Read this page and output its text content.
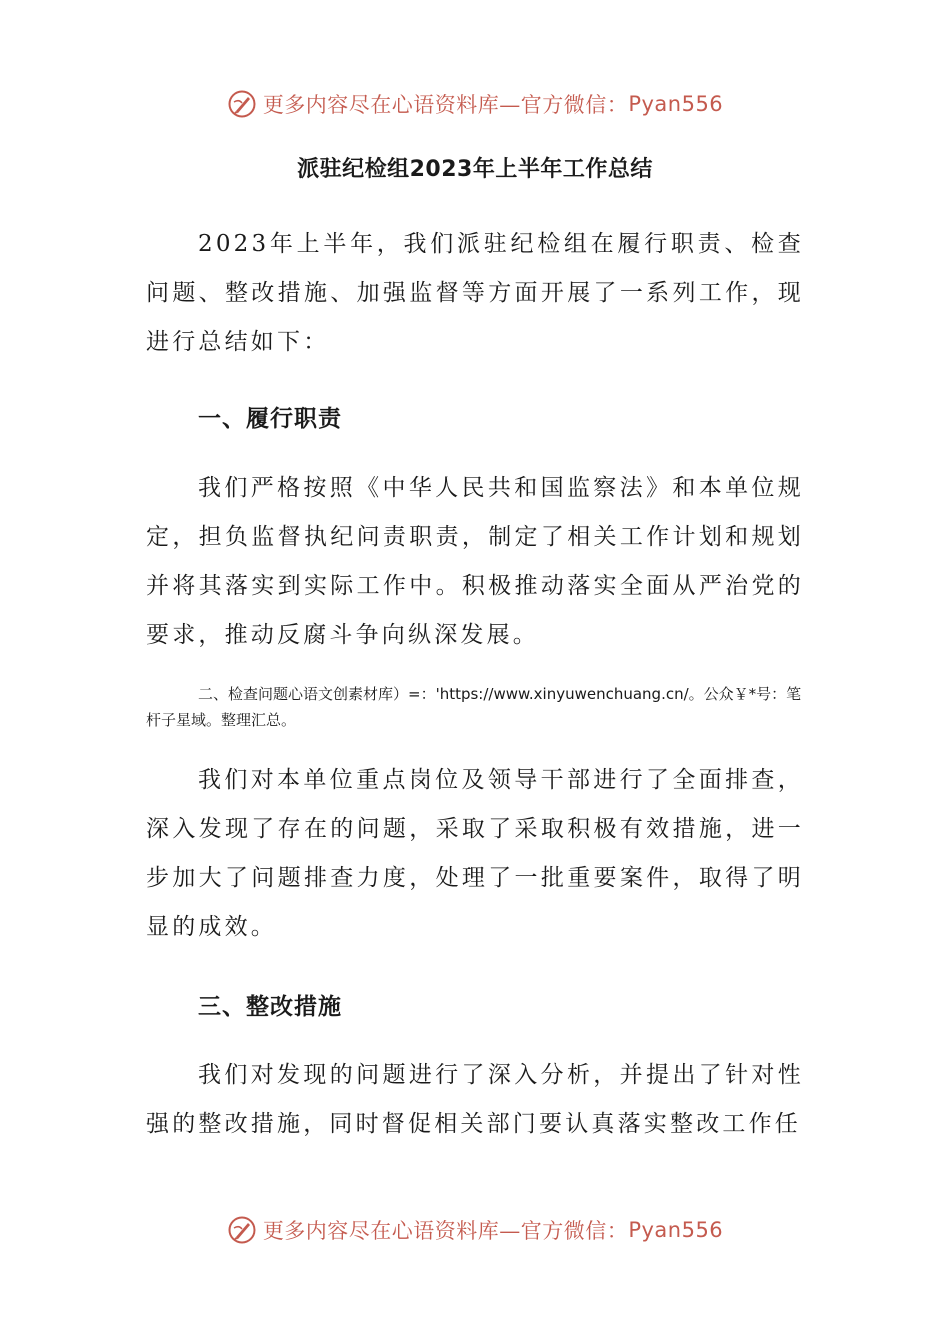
更多内容尽在心语资料库—官方微信： Pyan556
派驻纪检组2023年上半年工作总结

2023年上半年，我们派驻纪检组在履行职责、检查问题、整改措施、加强监督等方面开展了一系列工作，现进行总结如下：

一、履行职责

我们严格按照《中华人民共和国监察法》和本单位规定，担负监督执纪问责职责，制定了相关工作计划和规划并将其落实到实际工作中。积极推动落实全面从严治党的要求，推动反腐斗争向纵深发展。

二、检查问题心语文创素材库）=：'https://www.xinyuwenchuang.cn/。公众￥*号：笔杆子星域。整理汇总。

我们对本单位重点岗位及领导干部进行了全面排查，深入发现了存在的问题，采取了采取积极有效措施，进一步加大了问题排查力度，处理了一批重要案件，取得了明显的成效。

三、整改措施

我们对发现的问题进行了深入分析，并提出了针对性强的整改措施，同时督促相关部门要认真落实整改工作任

更多内容尽在心语资料库—官方微信： Pyan556
